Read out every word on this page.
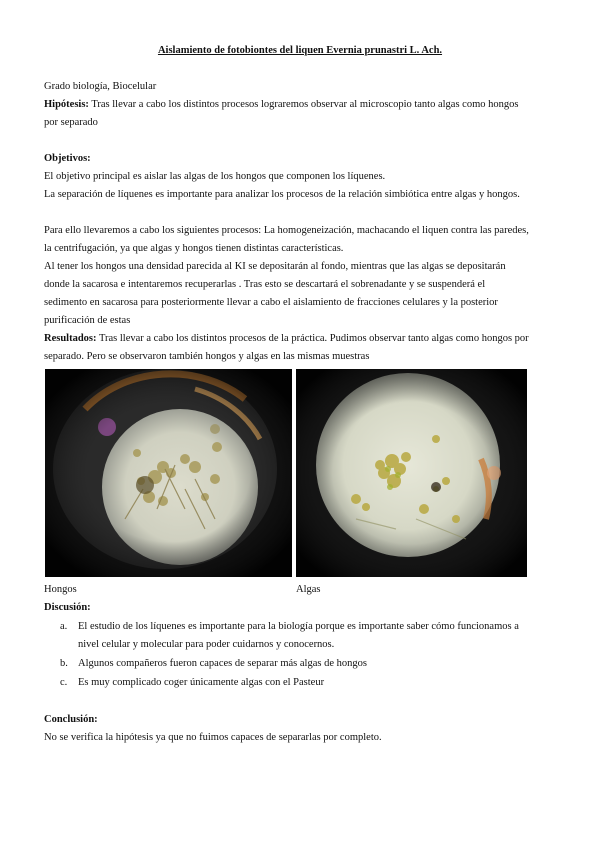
Aislamiento de fotobiontes del liquen Evernia prunastri L. Ach.

Grado biología, Biocelular

Hipótesis: Tras llevar a cabo los distintos procesos lograremos observar al microscopio tanto algas como hongos

por separado

Objetivos:

El objetivo principal es aislar las algas de los hongos que componen los líquenes.

La separación de líquenes es importante para analizar los procesos de la relación simbiótica entre algas y hongos.

Para ello llevaremos a cabo los siguientes procesos: La homogeneización, machacando el liquen contra las paredes,

la centrifugación, ya que algas y hongos tienen distintas características.

Al tener los hongos una densidad parecida al KI se depositarán al fondo, mientras que las algas se depositarán

donde la sacarosa e intentaremos recuperarlas . Tras esto se descartará el sobrenadante y se suspenderá el

sedimento en sacarosa para posteriormente llevar a cabo el aislamiento de fracciones celulares y la posterior

purificación de estas

Resultados: Tras llevar a cabo los distintos procesos de la práctica. Pudimos observar tanto algas como hongos por

separado. Pero se observaron también hongos y algas en las mismas muestras

Hongos	Algas

Discusión:

a. El estudio de los líquenes es importante para la biología porque es importante saber cómo funcionamos a
nivel celular y molecular para poder cuidarnos y conocernos.
b. Algunos compañeros fueron capaces de separar más algas de hongos
c. Es muy complicado coger únicamente algas con el Pasteur

Conclusión:

No se verifica la hipótesis ya que no fuimos capaces de separarlas por completo.
